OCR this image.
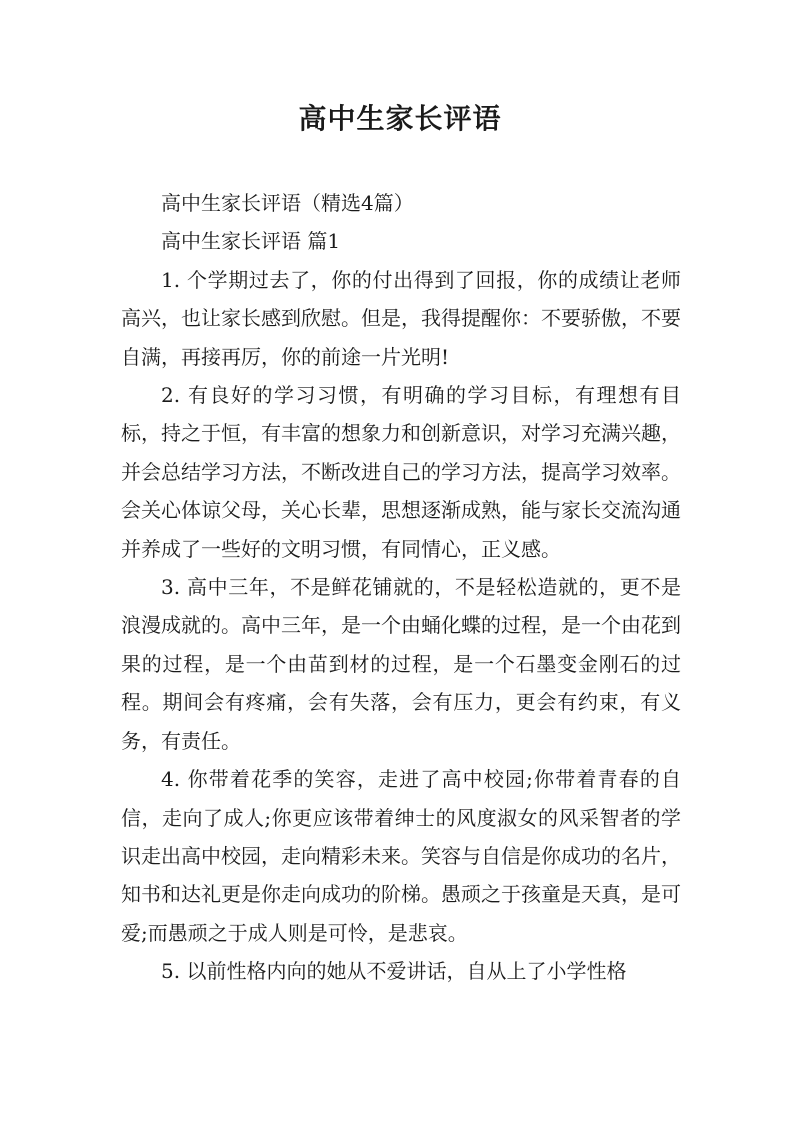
高中生家长评语

高中生家长评语（精选4篇）

高中生家长评语 篇1

1. 个学期过去了，你的付出得到了回报，你的成绩让老师高兴，也让家长感到欣慰。但是，我得提醒你：不要骄傲，不要自满，再接再厉，你的前途一片光明!

2. 有良好的学习习惯，有明确的学习目标，有理想有目标，持之于恒，有丰富的想象力和创新意识，对学习充满兴趣，并会总结学习方法，不断改进自己的学习方法，提高学习效率。会关心体谅父母，关心长辈，思想逐渐成熟，能与家长交流沟通并养成了一些好的文明习惯，有同情心，正义感。

3. 高中三年，不是鲜花铺就的，不是轻松造就的，更不是浪漫成就的。高中三年，是一个由蛹化蝶的过程，是一个由花到果的过程，是一个由苗到材的过程，是一个石墨变金刚石的过程。期间会有疼痛，会有失落，会有压力，更会有约束，有义务，有责任。

4. 你带着花季的笑容，走进了高中校园;你带着青春的自信，走向了成人;你更应该带着绅士的风度淑女的风采智者的学识走出高中校园，走向精彩未来。笑容与自信是你成功的名片，知书和达礼更是你走向成功的阶梯。愚顽之于孩童是天真，是可爱;而愚顽之于成人则是可怜，是悲哀。

5. 以前性格内向的她从不爱讲话，自从上了小学性格
